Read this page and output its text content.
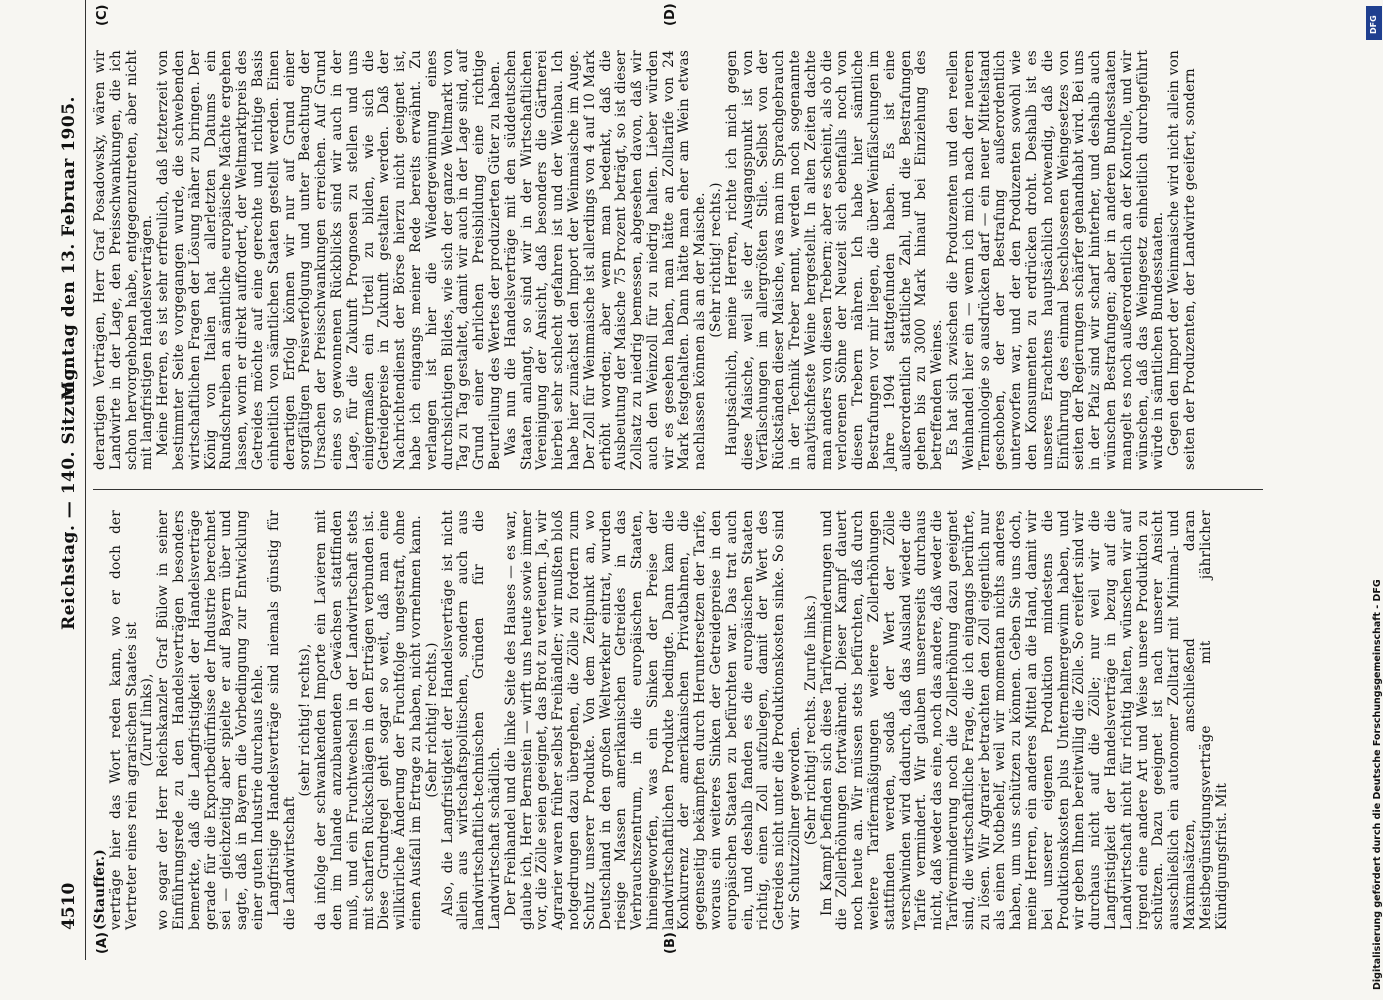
4510
Reichstag. — 140. Sitzung.
Montag den 13. Februar 1905.
(A)	(B)
(C)	(D)

(Stauffer.) verträge hier das Wort reden kann, wo er doch der Vertreter eines rein agrarischen Staates ist (Zuruf links), wo sogar der Herr Reichskanzler Graf Bülow in seiner Einführungsrede zu den Handelsverträgen besonders bemerkte, daß die Langfristigkeit der Handelsverträge gerade für die Exportbedürfnisse der Industrie berechnet sei — gleichzeitig aber spielte er auf Bayern über und sagte, daß in Bayern die Vorbedingung zur Entwicklung einer guten Industrie durchaus fehle. Langfristige Handelsverträge sind niemals günstig für die Landwirtschaft

(sehr richtig! rechts), da infolge der schwankenden Importe ein Lavieren mit den im Inlande anzubauenden Gewächsen stattfinden muß, und ein Fruchtwechsel in der Landwirtschaft stets mit scharfen Rückschlägen in den Erträgen verbunden ist. Diese Grundregel geht sogar so weit, daß man eine willkürliche Änderung der Fruchtfolge ungestraft, ohne einen Ausfall im Ertrage zu haben, nicht vornehmen kann. (Sehr richtig! rechts.) Also, die Langfristigkeit der Handelsverträge ist nicht allein aus wirtschaftspolitischen, sondern auch aus landwirtschaftlich-technischen Gründen für die Landwirtschaft schädlich. Der Freihandel und die linke Seite des Hauses — es war, glaube ich, Herr Bernstein — wirft uns heute sowie immer vor, die Zölle seien geeignet, das Brot zu verteuern. Ja, wir Agrarier waren früher selbst Freihändler; wir mußten bloß notgedrungen dazu übergehen, die Zölle zu fordern zum Schutz unserer Produkte. Von dem Zeitpunkt an, wo Deutschland in den großen Weltverkehr eintrat, wurden riesige Massen amerikanischen Getreides in das Verbrauchszentrum, in die europäischen Staaten, hineingeworfen, was ein Sinken der Preise der landwirtschaftlichen Produkte bedingte. Dann kam die Konkurrenz der amerikanischen Privatbahnen, die gegenseitig bekämpften durch Heruntersetzen der Tarife, woraus ein weiteres Sinken der Getreidepreise in den europäischen Staaten zu befürchten war. Das trat auch ein, und deshalb fanden es die europäischen Staaten richtig, einen Zoll aufzulegen, damit der Wert des Getreides nicht unter die Produktionskosten sinke. So sind wir Schutzzöllner geworden. (Sehr richtig! rechts. Zurufe links.) Im Kampf befinden sich diese Tarifverminderungen und die Zollerhöhungen fortwährend. Dieser Kampf dauert noch heute an. Wir müssen stets befürchten, daß durch weitere Tarifermäßigungen weitere Zollerhöhungen stattfinden werden, sodaß der Wert der Zölle verschwinden wird dadurch, daß das Ausland wieder die Tarife vermindert. Wir glauben unsererseits durchaus nicht, daß weder das eine, noch das andere, daß weder die Tarifverminderung noch die Zollerhöhung dazu geeignet sind, die wirtschaftliche Frage, die ich eingangs berührte, zu lösen. Wir Agrarier betrachten den Zoll eigentlich nur als einen Notbehelf, weil wir momentan nichts anderes haben, um uns schützen zu können. Geben Sie uns doch, meine Herren, ein anderes Mittel an die Hand, damit wir bei unserer eigenen Produktion mindestens die Produktionskosten plus Unternehmergewinn haben, und wir geben Ihnen bereitwillig die Zölle. So ereifert sind wir durchaus nicht auf die Zölle; nur weil wir die Langfristigkeit der Handelsverträge in bezug auf die Landwirtschaft nicht für richtig halten, wünschen wir auf irgend eine andere Art und Weise unsere Produktion zu schützen. Dazu geeignet ist nach unserer Ansicht ausschließlich ein autonomer Zolltarif mit Minimal- und Maximalsätzen, anschließend daran Meistbegünstigungsverträge mit jährlicher Kündigungsfrist. Mit

derartigen Verträgen, Herr Graf Posadowsky, wären wir Landwirte in der Lage, den Preisschwankungen, die ich schon hervorgehoben habe, entgegenzutreten, aber nicht mit langfristigen Handelsverträgen. Meine Herren, es ist sehr erfreulich, daß letzterzeit von bestimmter Seite vorgegangen wurde, die schwebenden wirtschaftlichen Fragen der Lösung näher zu bringen. Der König von Italien hat allerletzten Datums ein Rundschreiben an sämtliche europäische Mächte ergehen lassen, worin er direkt auffordert, der Weltmarktpreis des Getreides möchte auf eine gerechte und richtige Basis einheitlich von sämtlichen Staaten gestellt werden. Einen derartigen Erfolg können wir nur auf Grund einer sorgfältigen Preisverfolgung und unter Beachtung der Ursachen der Preisschwankungen erreichen. Auf Grund eines so gewonnenen Rückblicks sind wir auch in der Lage, für die Zukunft Prognosen zu stellen und uns einigermaßen ein Urteil zu bilden, wie sich die Getreidepreise in Zukunft gestalten werden. Daß der Nachrichtendienst der Börse hierzu nicht geeignet ist, habe ich eingangs meiner Rede bereits erwähnt. Zu verlangen ist hier die Wiedergewinnung eines durchsichtigen Bildes, wie sich der ganze Weltmarkt von Tag zu Tag gestaltet, damit wir auch in der Lage sind, auf Grund einer ehrlichen Preisbildung eine richtige Beurteilung des Wertes der produzierten Güter zu haben. Was nun die Handelsverträge mit den süddeutschen Staaten anlangt, so sind wir in der Wirtschaftlichen Vereinigung der Ansicht, daß besonders die Gärtnerei hierbei sehr schlecht gefahren ist und der Weinbau. Ich habe hier zunächst den Import der Weinmaische im Auge. Der Zoll für Weinmaische ist allerdings von 4 auf 10 Mark erhöht worden; aber wenn man bedenkt, daß die Ausbeutung der Maische 75 Prozent beträgt, so ist dieser Zollsatz zu niedrig bemessen, abgesehen davon, daß wir auch den Weinzoll für zu niedrig halten. Lieber würden wir es gesehen haben, man hätte an Zolltarife von 24 Mark festgehalten. Dann hätte man eher am Wein etwas nachlassen können als an der Maische. (Sehr richtig! rechts.) Hauptsächlich, meine Herren, richte ich mich gegen diese Maische, weil sie der Ausgangspunkt ist von Verfälschungen im allergrößten Stile. Selbst von der Rückständen dieser Maische, was man im Sprachgebrauch in der Technik Treber nennt, werden noch sogenannte analytischfeste Weine hergestellt. In alten Zeiten dachte man anders von diesen Trebern; aber es scheint, als ob die verlorenen Söhne der Neuzeit sich ebenfalls noch von diesen Trebern nähren. Ich habe hier sämtliche Bestrafungen vor mir liegen, die über Weinfälschungen im Jahre 1904 stattgefunden haben. Es ist eine außerordentlich stattliche Zahl, und die Bestrafungen gehen bis zu 3000 Mark hinauf bei Einziehung des betreffenden Weines. Es hat sich zwischen die Produzenten und den reellen Weinhandel hier ein — wenn ich mich nach der neueren Terminologie so ausdrücken darf — ein neuer Mittelstand geschoben, der der Bestrafung außerordentlich unterworfen war, und der den Produzenten sowohl wie den Konsumenten zu erdrücken droht. Deshalb ist es unseres Erachtens hauptsächlich notwendig, daß die Einführung des einmal beschlossenen Weingesetzes von seiten der Regierungen schärfer gehandhabt wird. Bei uns in der Pfalz sind wir scharf hinterher, und deshalb auch wünschen Bestrafungen; aber in anderen Bundesstaaten mangelt es noch außerordentlich an der Kontrolle, und wir wünschen, daß das Weingesetz einheitlich durchgeführt würde in sämtlichen Bundesstaaten. Gegen den Import der Weinmaische wird nicht allein von seiten der Produzenten, der Landwirte geeifert, sondern

DFG
Digitalisierung gefördert durch die Deutsche Forschungsgemeinschaft - DFG
